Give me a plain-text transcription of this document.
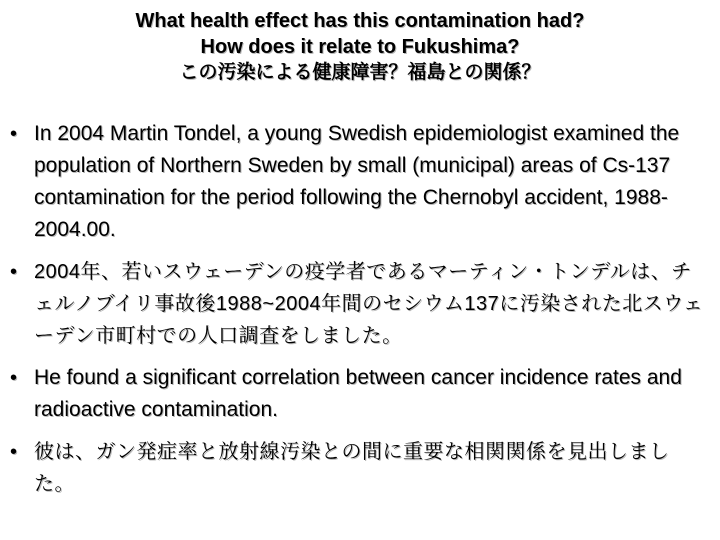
What health effect has this contamination had?
How does it relate to Fukushima?
この汚染による健康障害？福島との関係？
• In 2004 Martin Tondel, a young Swedish epidemiologist examined the population of Northern Sweden by small (municipal) areas of Cs-137 contamination for the period following the Chernobyl accident, 1988-2004.00.
• 2004年、若いスウェーデンの疫学者であるマーティン・トンデルは、チェルノブイリ事故後1988~2004年間のセシウム137に汚染された北スウェーデン市町村での人口調査をしました。
• He found a significant correlation between cancer incidence rates and radioactive contamination.
• 彼は、ガン発症率と放射線汚染との間に重要な相関関係を見出しました。
